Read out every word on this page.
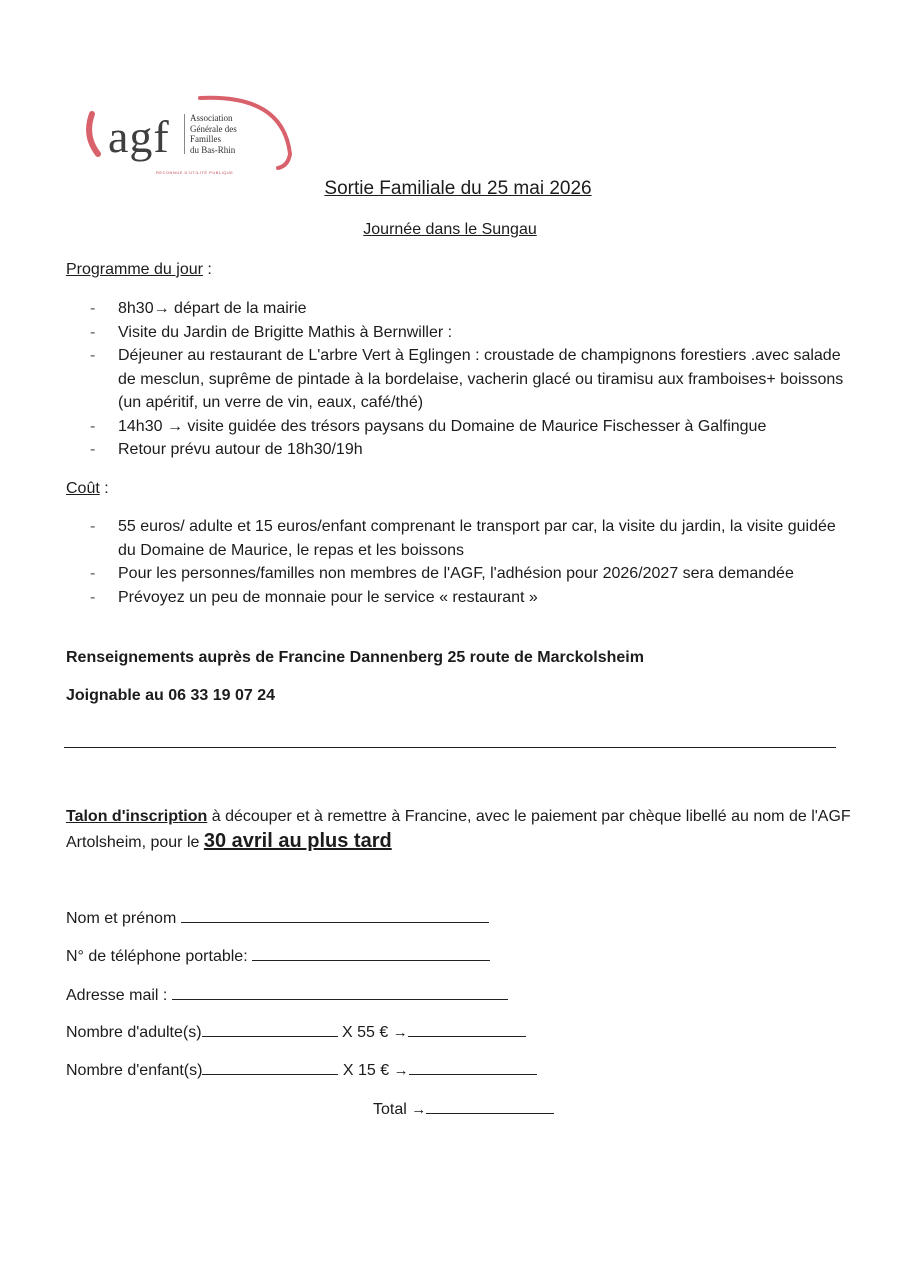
agf Association
Générale des
Familles
du Bas-Rhin
RECONNUE D'UTILITÉ PUBLIQUE
Sortie Familiale du 25 mai 2026
Journée dans le Sungau
Programme du jour :
- 8h30→ départ de la mairie
- Visite du Jardin de Brigitte Mathis à Bernwiller :
- Déjeuner au restaurant de L'arbre Vert à Eglingen : croustade de champignons forestiers .avec salade de mesclun, suprême de pintade à la bordelaise, vacherin glacé ou tiramisu aux framboises+ boissons (un apéritif, un verre de vin, eaux, café/thé)
- 14h30 → visite guidée des trésors paysans du Domaine de Maurice Fischesser à Galfingue
- Retour prévu autour de 18h30/19h
Coût :
- 55 euros/ adulte et 15 euros/enfant comprenant le transport par car, la visite du jardin, la visite guidée du Domaine de Maurice, le repas et les boissons
- Pour les personnes/familles non membres de l'AGF, l'adhésion pour 2026/2027 sera demandée
- Prévoyez un peu de monnaie pour le service « restaurant »
Renseignements auprès de Francine Dannenberg 25 route de Marckolsheim
Joignable au 06 33 19 07 24
Talon d'inscription à découper et à remettre à Francine, avec le paiement par chèque libellé au nom de l'AGF Artolsheim, pour le 30 avril au plus tard
Nom et prénom
N° de téléphone portable:
Adresse mail :
Nombre d'adulte(s)	X 55 € →
Nombre d'enfant(s)	X 15 € →
Total →
